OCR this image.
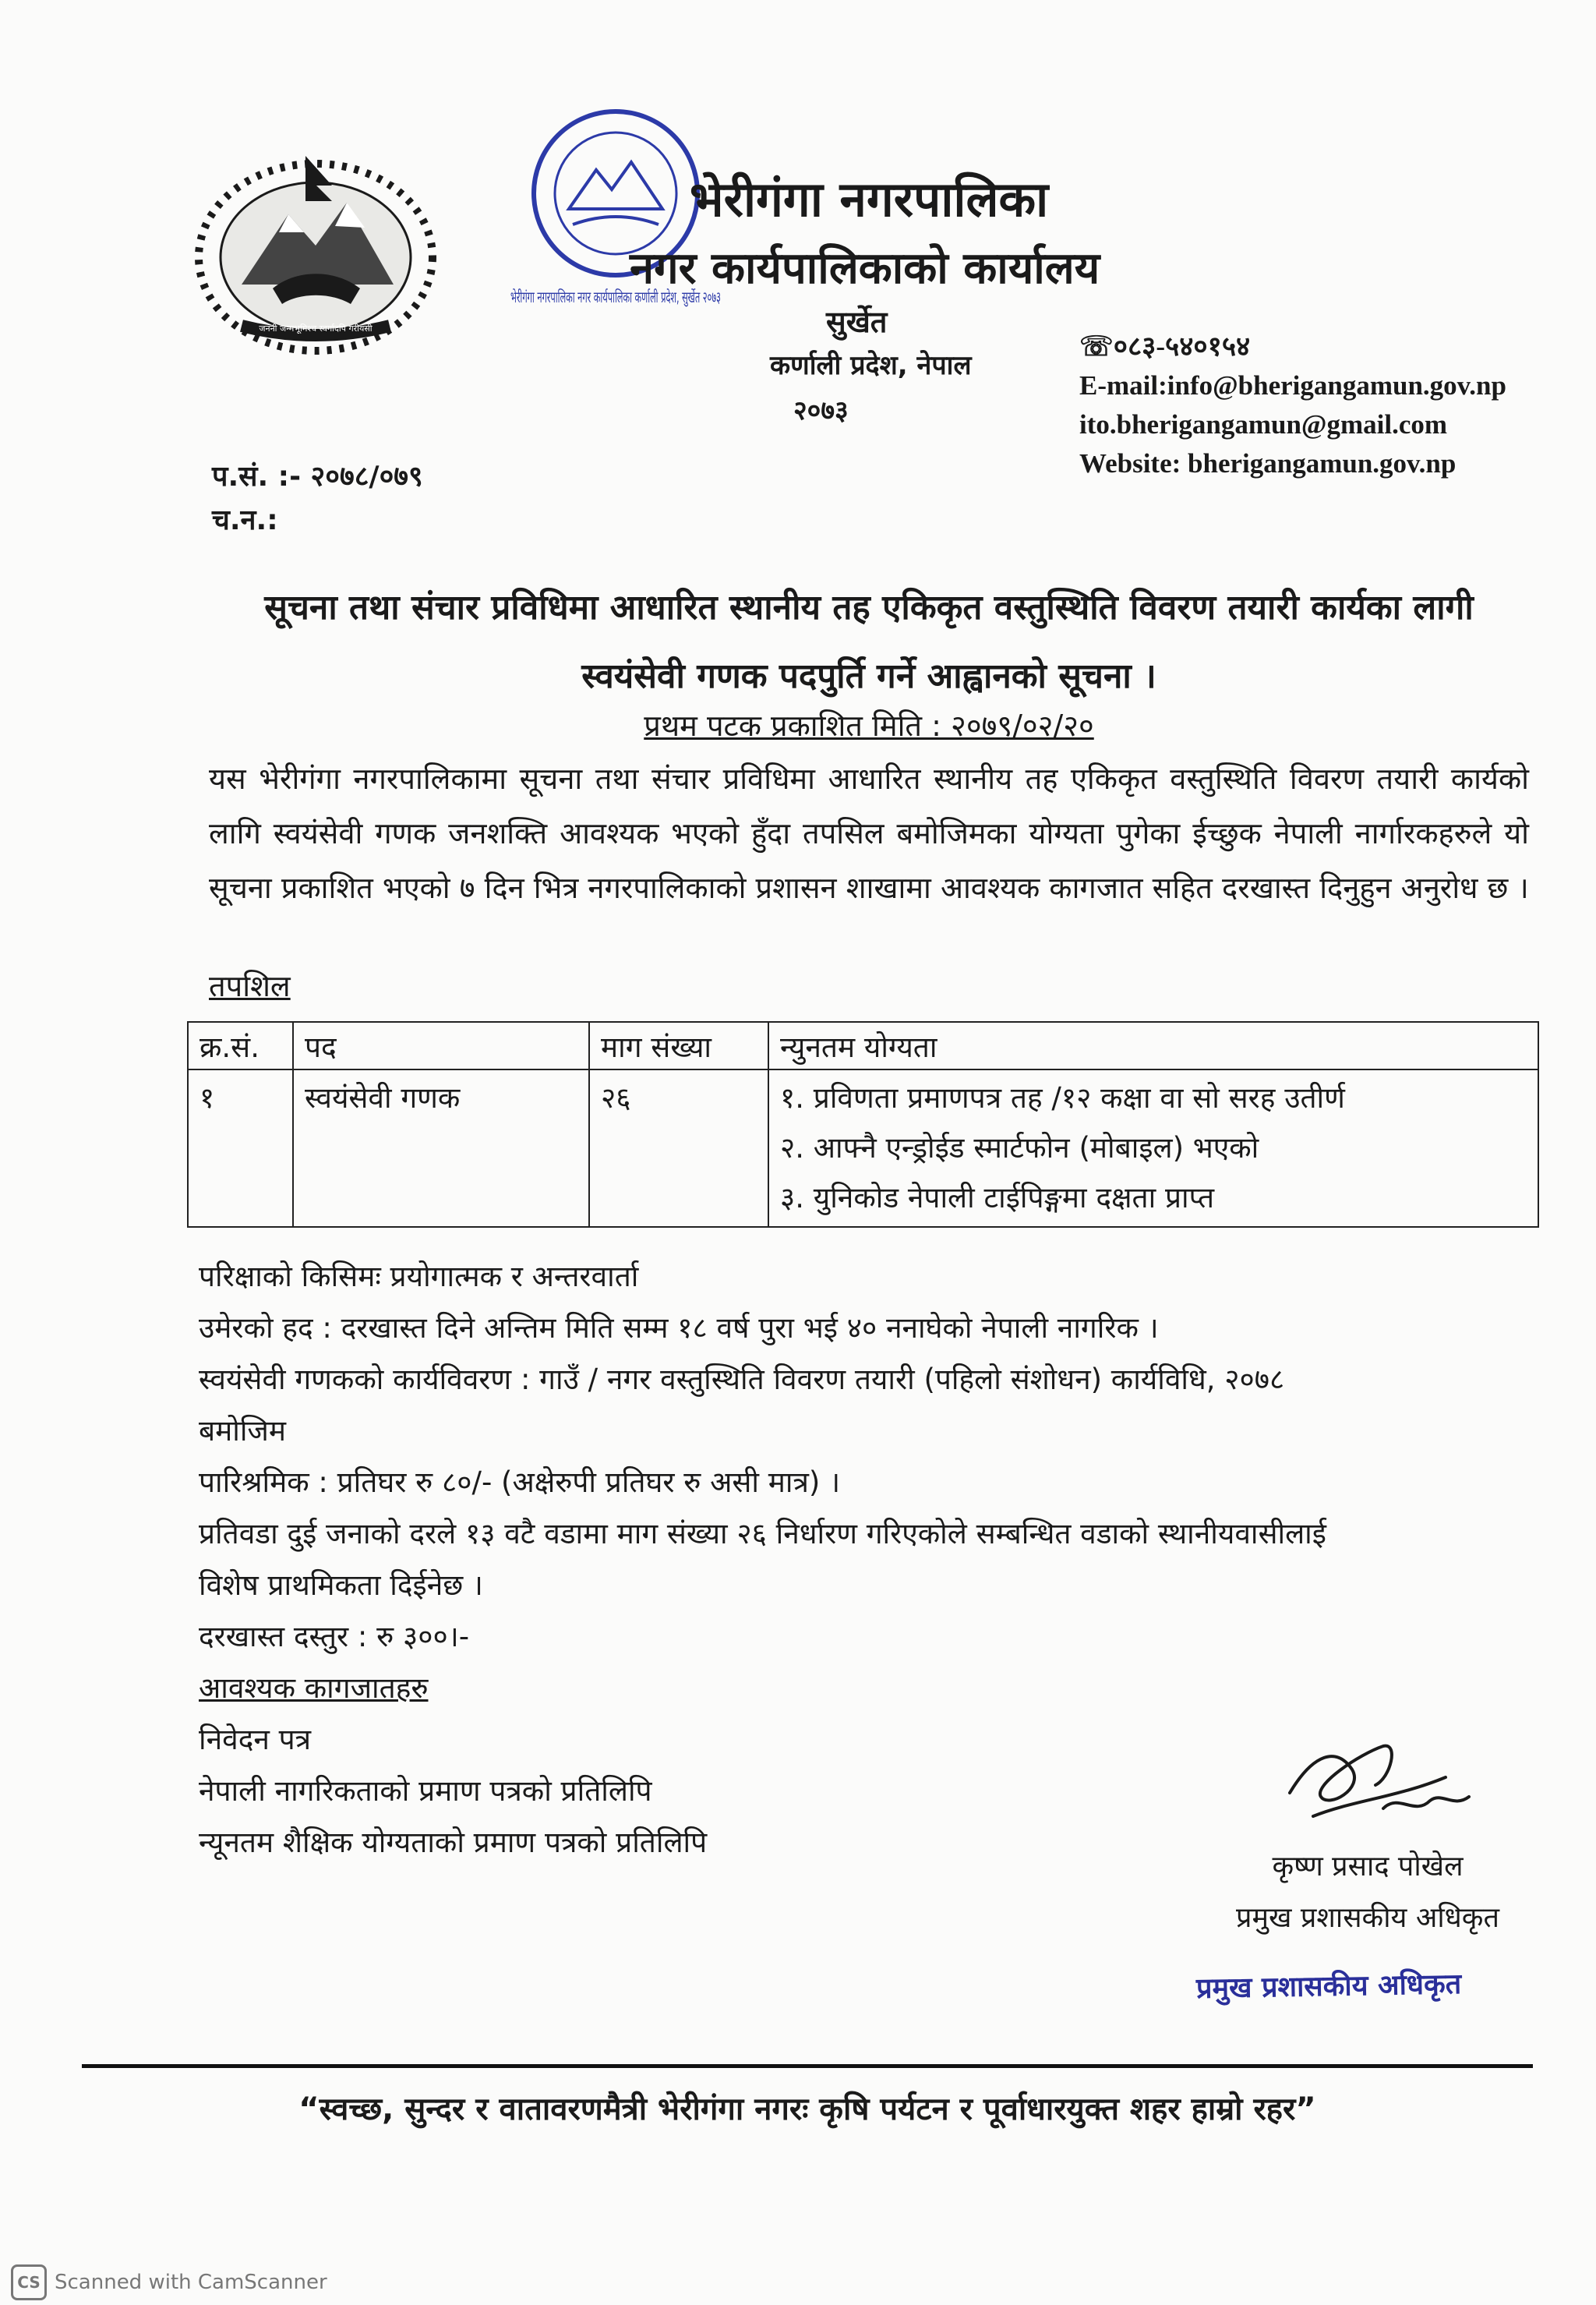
जननी जन्मभूमिश्च स्वर्गादपि गरीयसी
भेरीगंगा नगरपालिका नगर कार्यपालिका कर्णाली प्रदेश, सुर्खेत २०७३
भेरीगंगा नगरपालिका
नगर कार्यपालिकाको कार्यालय
सुर्खेत
कर्णाली प्रदेश, नेपाल
२०७३
☏०८३-५४०१५४
E-mail:info@bherigangamun.gov.np
ito.bherigangamun@gmail.com
Website: bherigangamun.gov.np
प.सं. :- २०७८/०७९
च.न.:
सूचना तथा संचार प्रविधिमा आधारित स्थानीय तह एकिकृत वस्तुस्थिति विवरण तयारी कार्यका लागी
स्वयंसेवी गणक पदपुर्ति गर्ने आह्वानको सूचना ।
प्रथम पटक प्रकाशित मिति : २०७९/०२/२०
यस भेरीगंगा नगरपालिकामा सूचना तथा संचार प्रविधिमा आधारित स्थानीय तह एकिकृत वस्तुस्थिति विवरण तयारी कार्यको लागि स्वयंसेवी गणक जनशक्ति आवश्यक भएको हुँदा तपसिल बमोजिमका योग्यता पुगेका ईच्छुक नेपाली नार्गारकहरुले यो सूचना प्रकाशित भएको ७ दिन भित्र नगरपालिकाको प्रशासन शाखामा आवश्यक कागजात सहित दरखास्त दिनुहुन अनुरोध छ ।
तपशिल
क्र.सं.	पद	माग संख्या	न्युनतम योग्यता
१	स्वयंसेवी गणक	२६	१. प्रविणता प्रमाणपत्र तह /१२ कक्षा वा सो सरह उतीर्ण
२. आफ्नै एन्ड्रोईड स्मार्टफोन (मोबाइल) भएको
३. युनिकोड नेपाली टाईपिङ्गमा दक्षता प्राप्त
परिक्षाको किसिमः प्रयोगात्मक र अन्तरवार्ता
उमेरको हद : दरखास्त दिने अन्तिम मिति सम्म १८ वर्ष पुरा भई ४० ननाघेको नेपाली नागरिक ।
स्वयंसेवी गणकको कार्यविवरण : गाउँ / नगर वस्तुस्थिति विवरण तयारी (पहिलो संशोधन) कार्यविधि, २०७८
बमोजिम
पारिश्रमिक : प्रतिघर रु ८०/- (अक्षेरुपी प्रतिघर रु असी मात्र) ।
प्रतिवडा दुई जनाको दरले १३ वटै वडामा माग संख्या २६ निर्धारण गरिएकोले सम्बन्धित वडाको स्थानीयवासीलाई
विशेष प्राथमिकता दिईनेछ ।
दरखास्त दस्तुर : रु ३००।-
आवश्यक कागजातहरु
निवेदन पत्र
नेपाली नागरिकताको प्रमाण पत्रको प्रतिलिपि
न्यूनतम शैक्षिक योग्यताको प्रमाण पत्रको प्रतिलिपि
कृष्ण प्रसाद पोखेल
प्रमुख प्रशासकीय अधिकृत
प्रमुख प्रशासकीय अधिकृत
“स्वच्छ, सुन्दर र वातावरणमैत्री भेरीगंगा नगरः कृषि पर्यटन र पूर्वाधारयुक्त शहर हाम्रो रहर”
CS Scanned with CamScanner
